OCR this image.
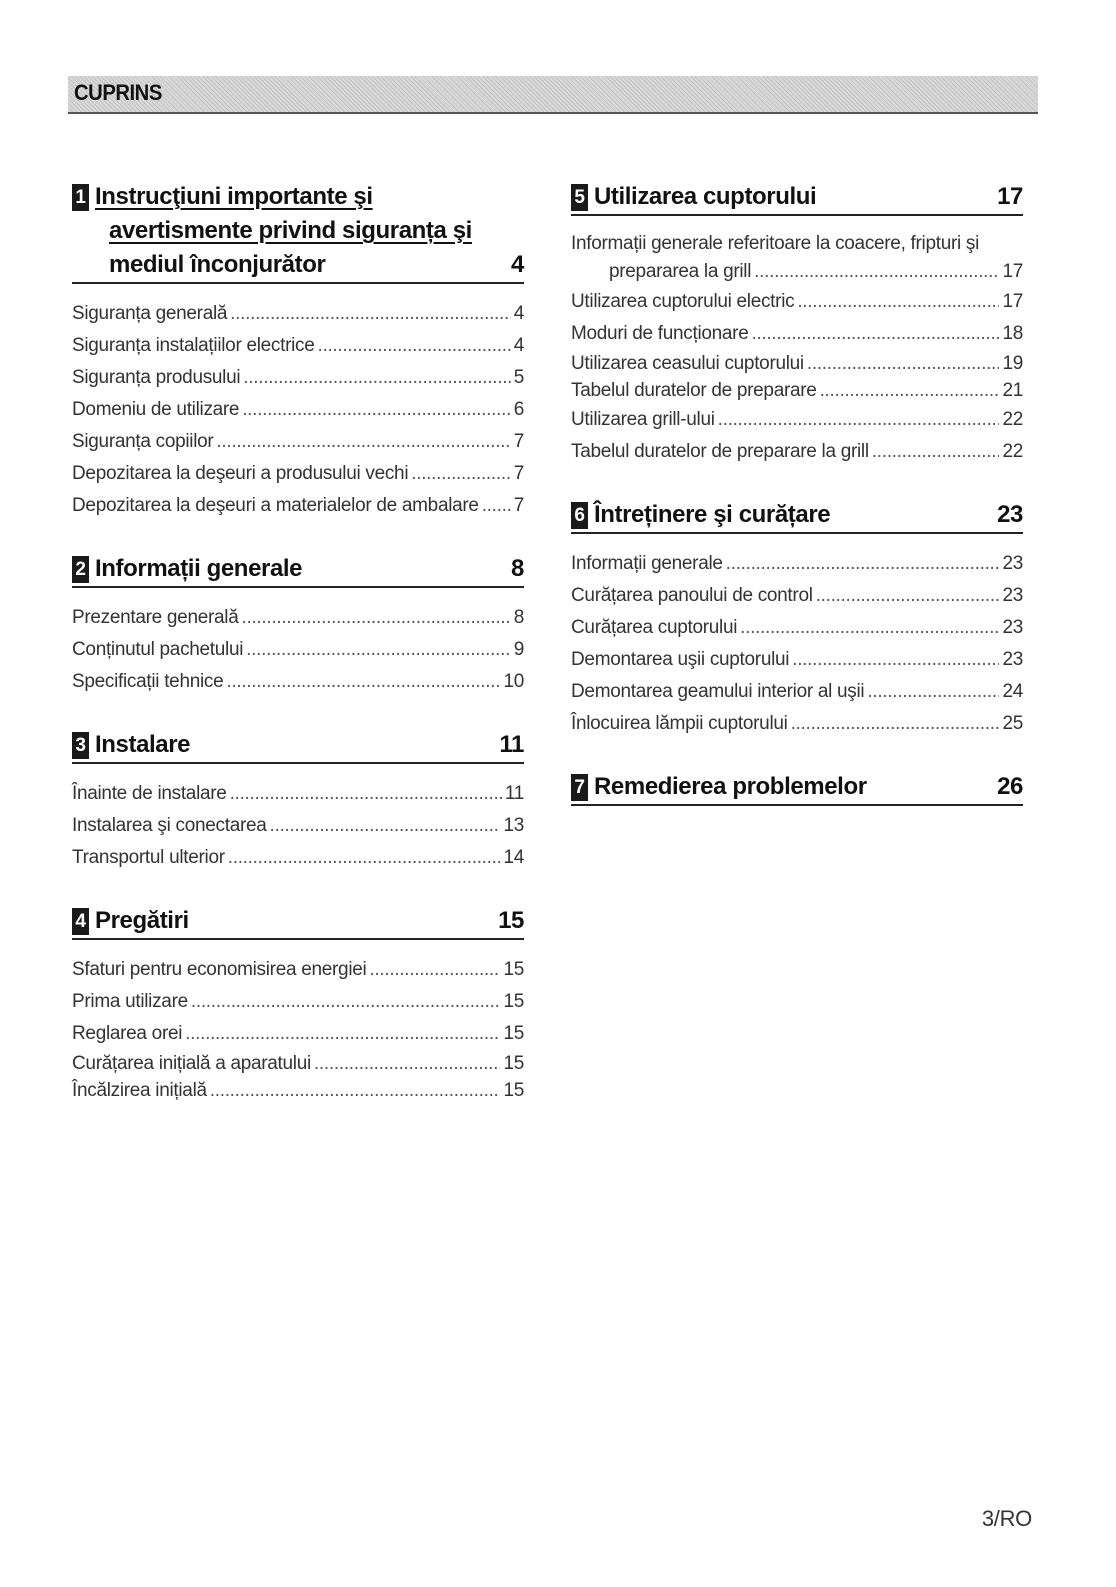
CUPRINS
1 Instrucţiuni importante şi
avertismente privind siguranța şi
mediul înconjurător	4
Siguranța generală .....	4
Siguranța instalațiilor electrice .....	4
Siguranța produsului .....	5
Domeniu de utilizare .....	6
Siguranța copiilor .....	7
Depozitarea la deşeuri a produsului vechi .....	7
Depozitarea la deşeuri a materialelor de ambalare ..... 7
2 Informații generale	8
Prezentare generală .....	8
Conținutul pachetului .....	9
Specificații tehnice .....	10
3 Instalare	11
Înainte de instalare .....	11
Instalarea şi conectarea .....	13
Transportul ulterior .....	14
4 Pregătiri	15
Sfaturi pentru economisirea energiei .....	15
Prima utilizare .....	15
Reglarea orei .....	15
Curățarea inițială a aparatului .....	15
Încălzirea inițială .....	15
5 Utilizarea cuptorului	17
Informații generale referitoare la coacere, fripturi şi
prepararea la grill .....	17
Utilizarea cuptorului electric .....	17
Moduri de funcționare .....	18
Utilizarea ceasului cuptorului .....	19
Tabelul duratelor de preparare .....	21
Utilizarea grill-ului .....	22
Tabelul duratelor de preparare la grill .....	22
6 Întreținere şi curățare	23
Informații generale .....	23
Curățarea panoului de control .....	23
Curățarea cuptorului .....	23
Demontarea uşii cuptorului .....	23
Demontarea geamului interior al uşii .....	24
Înlocuirea lămpii cuptorului .....	25
7 Remedierea problemelor	26
3/RO
